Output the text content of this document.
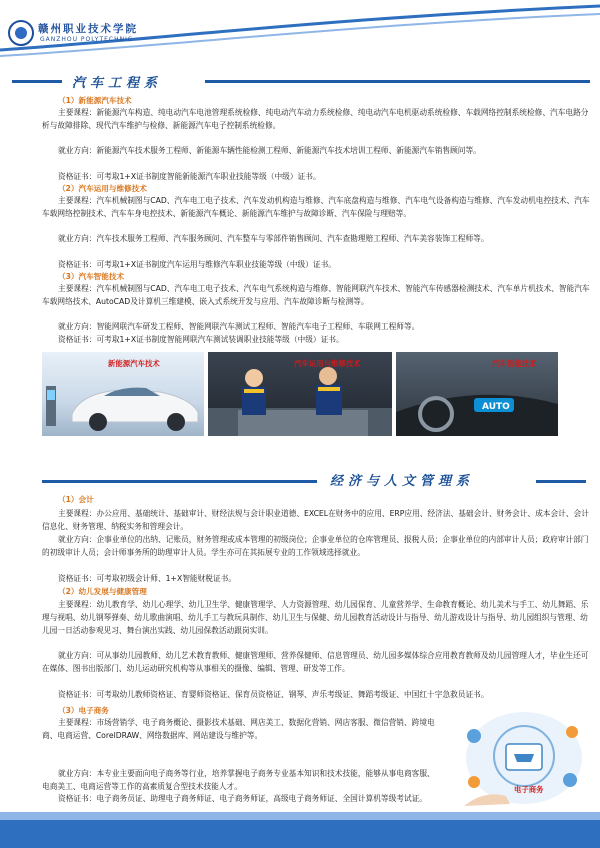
赣州职业技术学院
GANZHOU POLYTECHNIC
汽车工程系
（1）新能源汽车技术
主要课程：新能源汽车构造、纯电动汽车电池管理系统检修、纯电动汽车动力系统检修、纯电动汽车电机驱动系统检修、车载网络控制系统检修、汽车电路分析与故障排除、现代汽车维护与检修、新能源汽车电子控制系统检修。
就业方向：新能源汽车技术服务工程师、新能源车辆性能检测工程师、新能源汽车技术培训工程师、新能源汽车销售顾问等。
资格证书：可考取1+X证书制度智能新能源汽车职业技能等级（中级）证书。
（2）汽车运用与维修技术
主要课程：汽车机械制图与CAD、汽车电工电子技术、汽车发动机构造与维修、汽车底盘构造与维修、汽车电气设备构造与维修、汽车发动机电控技术、汽车车载网络控制技术、汽车车身电控技术、新能源汽车概论、新能源汽车维护与故障诊断、汽车保险与理赔等。
就业方向：汽车技术服务工程师、汽车服务顾问、汽车整车与零部件销售顾问、汽车查勘理赔工程师、汽车美容装饰工程师等。
资格证书：可考取1+X证书制度汽车运用与维修汽车职业技能等级（中级）证书。
（3）汽车智能技术
主要课程：汽车机械制图与CAD、汽车电工电子技术、汽车电气系统构造与维修、智能网联汽车技术、智能汽车传感器检测技术、汽车单片机技术、智能汽车车载网络技术、AutoCAD及计算机三维建模、嵌入式系统开发与应用、汽车故障诊断与检测等。
就业方向：智能网联汽车研发工程师、智能网联汽车测试工程师、智能汽车电子工程师、车联网工程师等。
资格证书：可考取1+X证书制度智能网联汽车测试装调职业技能等级（中级）证书。
AUTO
新能源汽车技术	汽车运用与维修技术	汽车智能技术
经济与人文管理系
（1）会计
主要课程：办公应用、基础统计、基础审计、财经法规与会计职业道德、EXCEL在财务中的应用、ERP应用、经济法、基础会计、财务会计、成本会计、会计信息化、财务管理、纳税实务和管理会计。
就业方向：企事业单位的出纳、记账员，财务管理或成本管理的初级岗位；企事业单位的仓库管理员、报税人员；企事业单位的内部审计人员；政府审计部门的初级审计人员；会计师事务所的助理审计人员。学生亦可在其拓展专业的工作领域选择就业。
资格证书：可考取初级会计师、1+X智能财税证书。
（2）幼儿发展与健康管理
主要课程：幼儿教育学、幼儿心理学、幼儿卫生学、健康管理学、人力资源管理、幼儿园保育、儿童营养学、生命教育概论、幼儿美术与手工、幼儿舞蹈、乐理与视唱、幼儿钢琴弹奏、幼儿歌曲演唱、幼儿手工与教玩具制作、幼儿卫生与保健、幼儿园教育活动设计与指导、幼儿游戏设计与指导、幼儿园组织与管理、幼儿园一日活动参观见习、舞台演出实践、幼儿园保教活动跟岗实训。
就业方向：可从事幼儿园教师、幼儿艺术教育教师、健康管理师、营养保健师、信息管理员、幼儿园多媒体综合应用教育教师及幼儿园管理人才，毕业生还可在媒体、图书出版部门、幼儿运动研究机构等从事相关的摄像、编辑、管理、研发等工作。
资格证书：可考取幼儿教师资格证、育婴师资格证、保育员资格证、钢琴、声乐考级证、舞蹈考级证、中国红十字急救员证书。
（3）电子商务
主要课程：市场营销学、电子商务概论、摄影技术基础、网店美工、数据化营销、网店客服、微信营销、跨境电商、电商运营、CorelDRAW、网络数据库、网站建设与维护等。
就业方向：本专业主要面向电子商务等行业，培养掌握电子商务专业基本知识和技术技能，能够从事电商客服、电商美工、电商运营等工作的高素质复合型技术技能人才。
资格证书：电子商务员证、助理电子商务师证、电子商务师证，高级电子商务师证、全国计算机等级考试证。
电子商务
